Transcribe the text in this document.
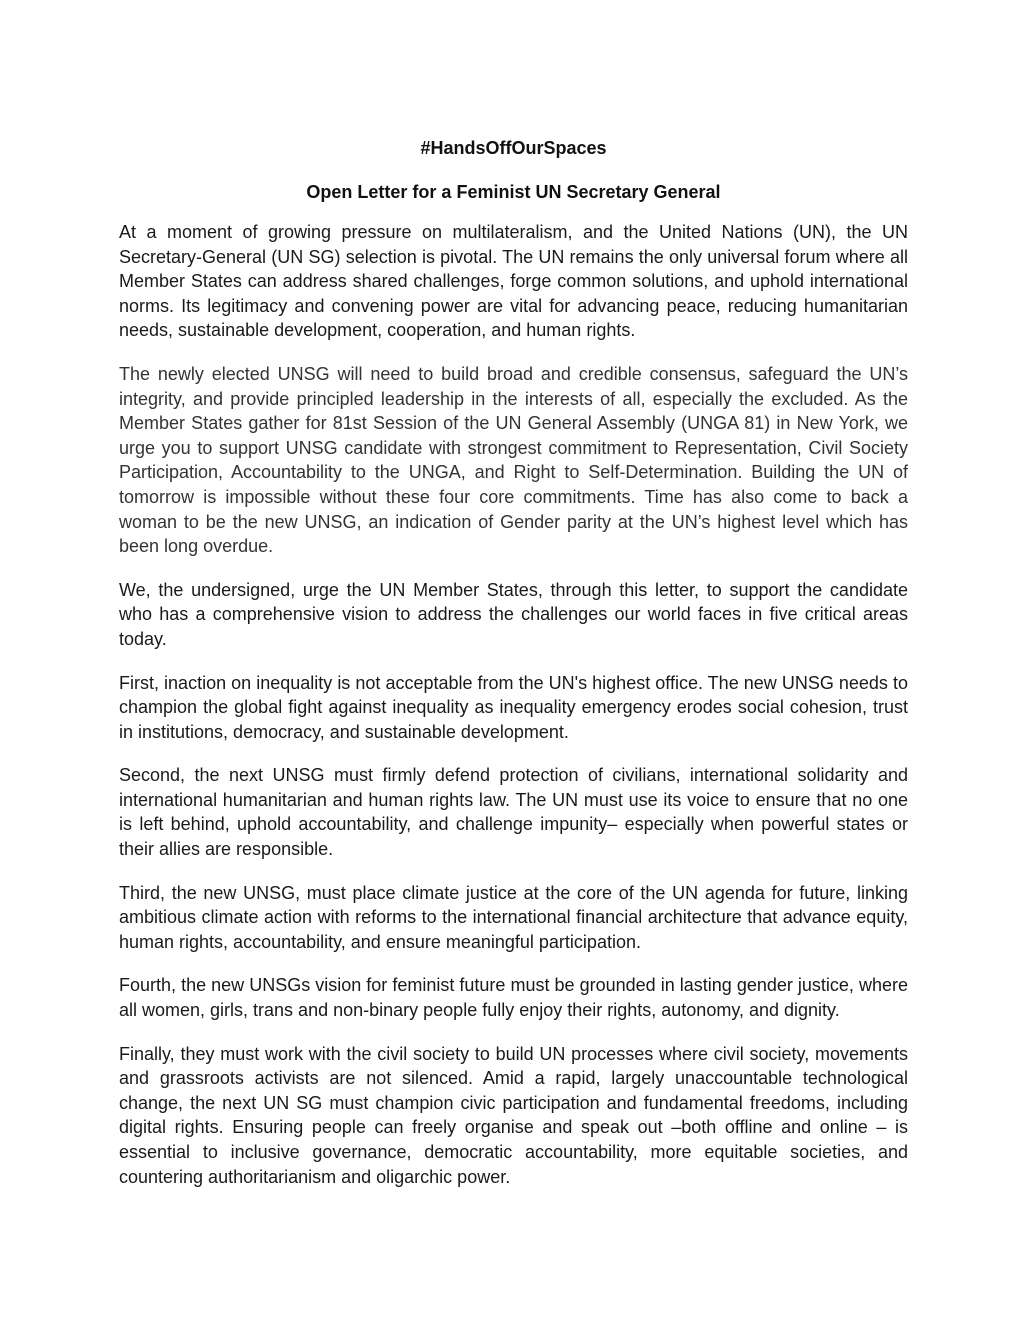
#HandsOffOurSpaces
Open Letter for a Feminist UN Secretary General

At a moment of growing pressure on multilateralism, and the United Nations (UN), the UN Secretary-General (UN SG) selection is pivotal. The UN remains the only universal forum where all Member States can address shared challenges, forge common solutions, and uphold international norms. Its legitimacy and convening power are vital for advancing peace, reducing humanitarian needs, sustainable development, cooperation, and human rights.

The newly elected UNSG will need to build broad and credible consensus, safeguard the UN’s integrity, and provide principled leadership in the interests of all, especially the excluded. As the Member States gather for 81st Session of the UN General Assembly (UNGA 81) in New York, we urge you to support UNSG candidate with strongest commitment to Representation, Civil Society Participation, Accountability to the UNGA, and Right to Self-Determination. Building the UN of tomorrow is impossible without these four core commitments. Time has also come to back a woman to be the new UNSG, an indication of Gender parity at the UN’s highest level which has been long overdue.

We, the undersigned, urge the UN Member States, through this letter, to support the candidate who has a comprehensive vision to address the challenges our world faces in five critical areas today.

First, inaction on inequality is not acceptable from the UN's highest office. The new UNSG needs to champion the global fight against inequality as inequality emergency erodes social cohesion, trust in institutions, democracy, and sustainable development.

Second, the next UNSG must firmly defend protection of civilians, international solidarity and international humanitarian and human rights law. The UN must use its voice to ensure that no one is left behind, uphold accountability, and challenge impunity– especially when powerful states or their allies are responsible.

Third, the new UNSG, must place climate justice at the core of the UN agenda for future, linking ambitious climate action with reforms to the international financial architecture that advance equity, human rights, accountability, and ensure meaningful participation.

Fourth, the new UNSGs vision for feminist future must be grounded in lasting gender justice, where all women, girls, trans and non-binary people fully enjoy their rights, autonomy, and dignity.

Finally, they must work with the civil society to build UN processes where civil society, movements and grassroots activists are not silenced. Amid a rapid, largely unaccountable technological change, the next UN SG must champion civic participation and fundamental freedoms, including digital rights. Ensuring people can freely organise and speak out –both offline and online – is essential to inclusive governance, democratic accountability, more equitable societies, and countering authoritarianism and oligarchic power.
